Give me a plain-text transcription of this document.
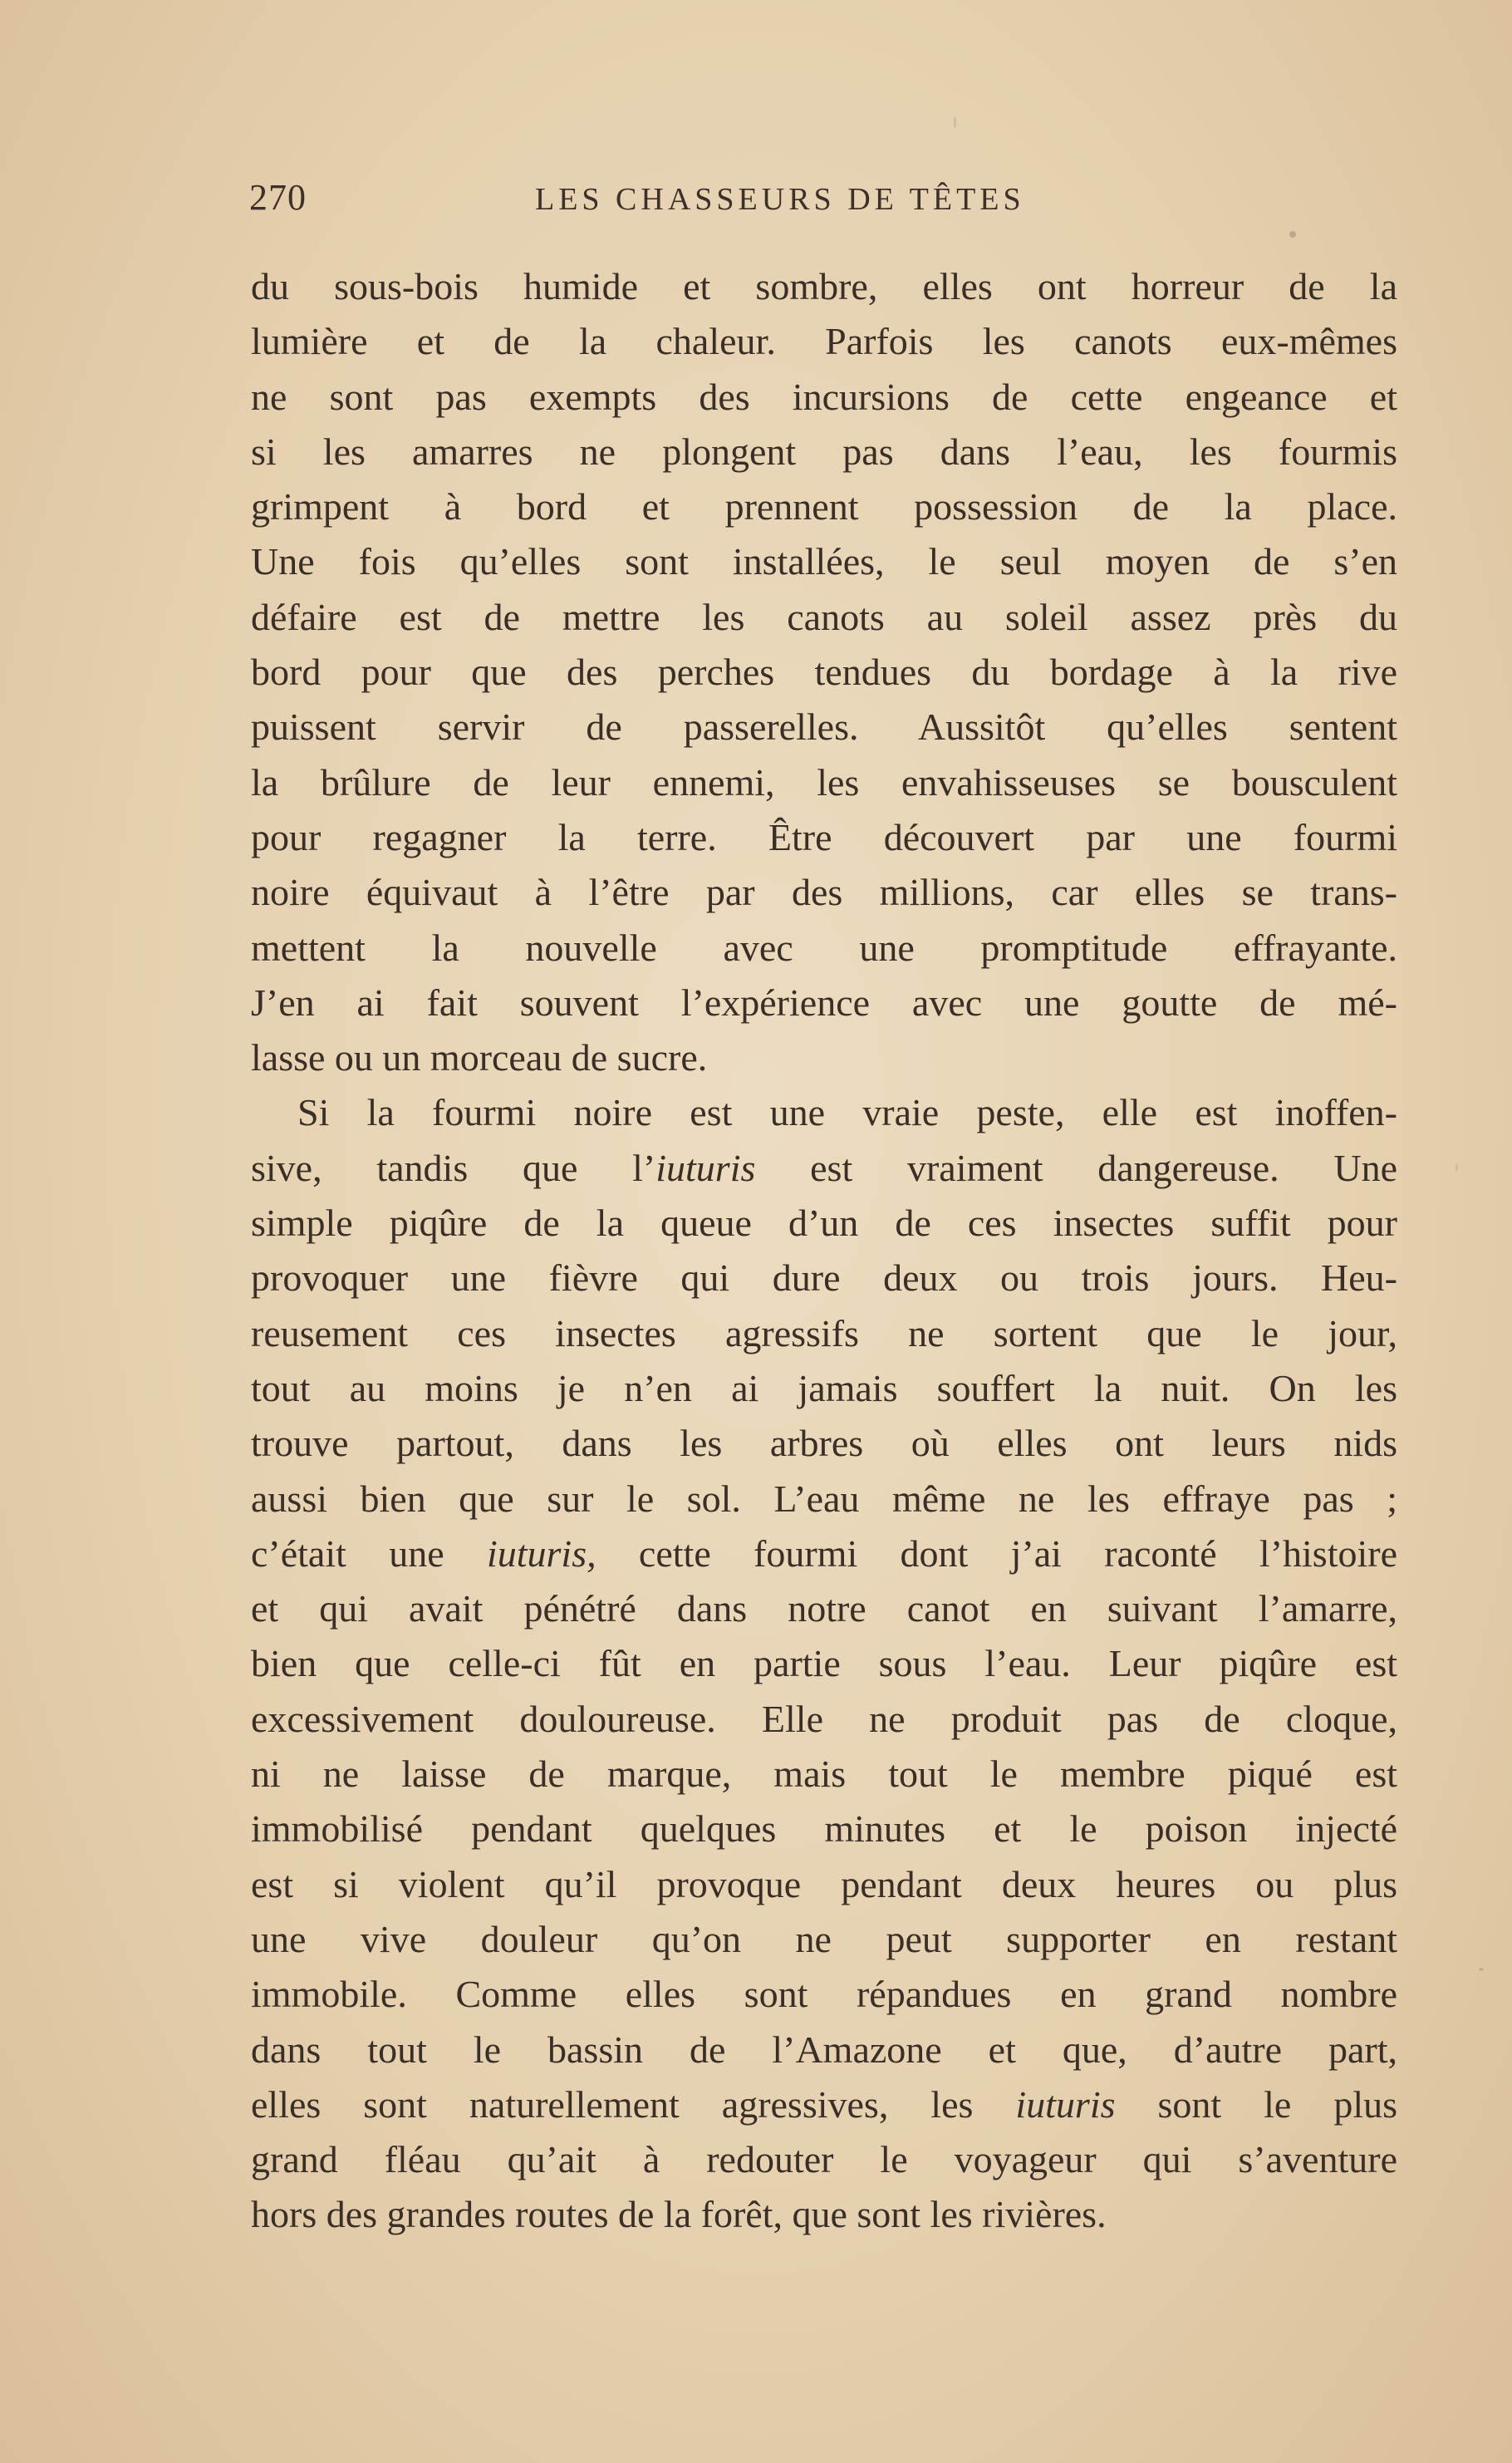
270	LES CHASSEURS DE TÊTES
du sous-bois humide et sombre, elles ont horreur de la
lumière et de la chaleur. Parfois les canots eux-mêmes
ne sont pas exempts des incursions de cette engeance et
si les amarres ne plongent pas dans l’eau, les fourmis
grimpent à bord et prennent possession de la place.
Une fois qu’elles sont installées, le seul moyen de s’en
défaire est de mettre les canots au soleil assez près du
bord pour que des perches tendues du bordage à la rive
puissent servir de passerelles. Aussitôt qu’elles sentent
la brûlure de leur ennemi, les envahisseuses se bousculent
pour regagner la terre. Être découvert par une fourmi
noire équivaut à l’être par des millions, car elles se trans-
mettent la nouvelle avec une promptitude effrayante.
J’en ai fait souvent l’expérience avec une goutte de mé-
lasse ou un morceau de sucre.
Si la fourmi noire est une vraie peste, elle est inoffen-
sive, tandis que l’iuturis est vraiment dangereuse. Une
simple piqûre de la queue d’un de ces insectes suffit pour
provoquer une fièvre qui dure deux ou trois jours. Heu-
reusement ces insectes agressifs ne sortent que le jour,
tout au moins je n’en ai jamais souffert la nuit. On les
trouve partout, dans les arbres où elles ont leurs nids
aussi bien que sur le sol. L’eau même ne les effraye pas ;
c’était une iuturis, cette fourmi dont j’ai raconté l’histoire
et qui avait pénétré dans notre canot en suivant l’amarre,
bien que celle-ci fût en partie sous l’eau. Leur piqûre est
excessivement douloureuse. Elle ne produit pas de cloque,
ni ne laisse de marque, mais tout le membre piqué est
immobilisé pendant quelques minutes et le poison injecté
est si violent qu’il provoque pendant deux heures ou plus
une vive douleur qu’on ne peut supporter en restant
immobile. Comme elles sont répandues en grand nombre
dans tout le bassin de l’Amazone et que, d’autre part,
elles sont naturellement agressives, les iuturis sont le plus
grand fléau qu’ait à redouter le voyageur qui s’aventure
hors des grandes routes de la forêt, que sont les rivières.
